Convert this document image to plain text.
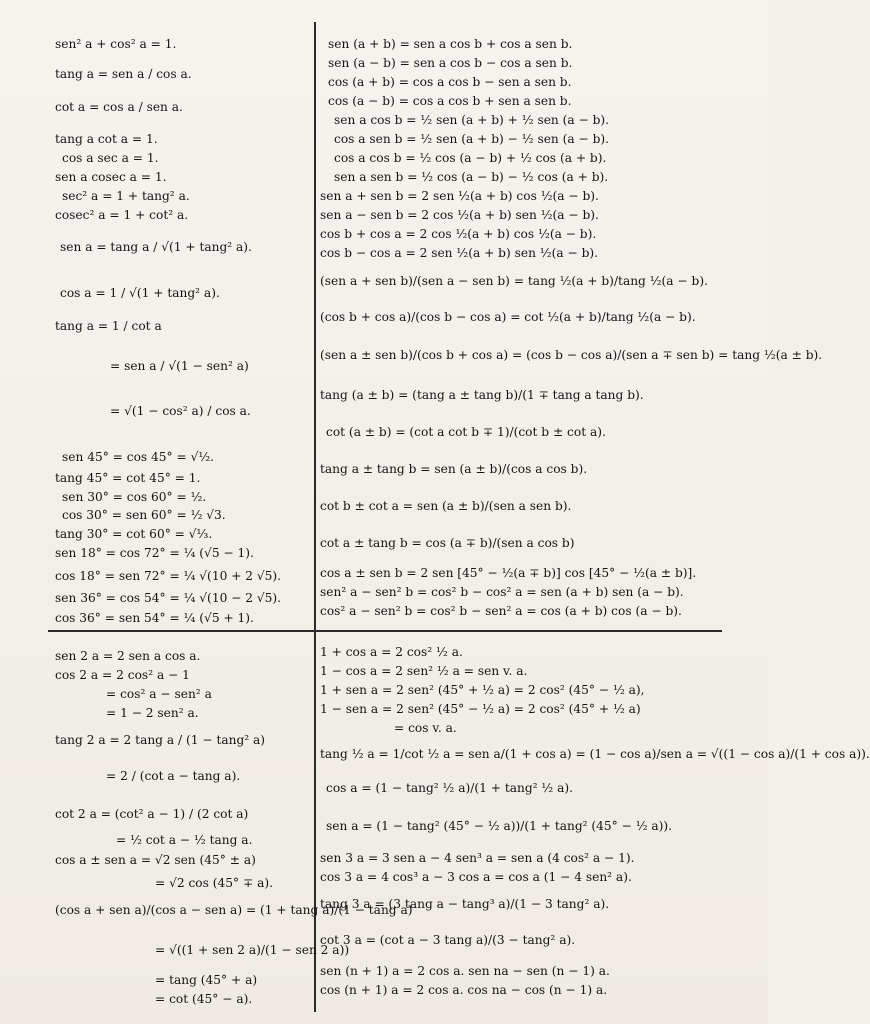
sen² a + cos² a = 1.
tang a = sen a / cos a.
cot a = cos a / sen a.
tang a cot a = 1.
cos a sec a = 1.
sen a cosec a = 1.
sec² a = 1 + tang² a.
cosec² a = 1 + cot² a.
sen a = tang a / √(1 + tang² a).
cos a = 1 / √(1 + tang² a).
tang a = 1 / cot a
= sen a / √(1 − sen² a)
= √(1 − cos² a) / cos a.
sen 45° = cos 45° = √½.
tang 45° = cot 45° = 1.
sen 30° = cos 60° = ½.
cos 30° = sen 60° = ½ √3.
tang 30° = cot 60° = √⅓.
sen 18° = cos 72° = ¼ (√5 − 1).
cos 18° = sen 72° = ¼ √(10 + 2 √5).
sen 36° = cos 54° = ¼ √(10 − 2 √5).
cos 36° = sen 54° = ¼ (√5 + 1).
sen (a + b) = sen a cos b + cos a sen b.
sen (a − b) = sen a cos b − cos a sen b.
cos (a + b) = cos a cos b − sen a sen b.
cos (a − b) = cos a cos b + sen a sen b.
sen a cos b = ½ sen (a + b) + ½ sen (a − b).
cos a sen b = ½ sen (a + b) − ½ sen (a − b).
cos a cos b = ½ cos (a − b) + ½ cos (a + b).
sen a sen b = ½ cos (a − b) − ½ cos (a + b).
sen a + sen b = 2 sen ½(a + b) cos ½(a − b).
sen a − sen b = 2 cos ½(a + b) sen ½(a − b).
cos b + cos a = 2 cos ½(a + b) cos ½(a − b).
cos b − cos a = 2 sen ½(a + b) sen ½(a − b).
(sen a + sen b)/(sen a − sen b) = tang ½(a + b)/tang ½(a − b).
(cos b + cos a)/(cos b − cos a) = cot ½(a + b)/tang ½(a − b).
(sen a ± sen b)/(cos b + cos a) = (cos b − cos a)/(sen a ∓ sen b) = tang ½(a ± b).
tang (a ± b) = (tang a ± tang b)/(1 ∓ tang a tang b).
cot (a ± b) = (cot a cot b ∓ 1)/(cot b ± cot a).
tang a ± tang b = sen (a ± b)/(cos a cos b).
cot b ± cot a = sen (a ± b)/(sen a sen b).
cot a ± tang b = cos (a ∓ b)/(sen a cos b)
cos a ± sen b = 2 sen [45° − ½(a ∓ b)] cos [45° − ½(a ± b)].
sen² a − sen² b = cos² b − cos² a = sen (a + b) sen (a − b).
cos² a − sen² b = cos² b − sen² a = cos (a + b) cos (a − b).
sen 2 a = 2 sen a cos a.
cos 2 a = 2 cos² a − 1
= cos² a − sen² a
= 1 − 2 sen² a.
tang 2 a = 2 tang a / (1 − tang² a)
= 2 / (cot a − tang a).
cot 2 a = (cot² a − 1) / (2 cot a)
= ½ cot a − ½ tang a.
cos a ± sen a = √2 sen (45° ± a)
= √2 cos (45° ∓ a).
(cos a + sen a)/(cos a − sen a) = (1 + tang a)/(1 − tang a)
= √((1 + sen 2 a)/(1 − sen 2 a))
= tang (45° + a)
= cot (45° − a).
1 + cos a = 2 cos² ½ a.
1 − cos a = 2 sen² ½ a = sen v. a.
1 + sen a = 2 sen² (45° + ½ a) = 2 cos² (45° − ½ a),
1 − sen a = 2 sen² (45° − ½ a) = 2 cos² (45° + ½ a)
= cos v. a.
tang ½ a = 1/cot ½ a = sen a/(1 + cos a) = (1 − cos a)/sen a = √((1 − cos a)/(1 + cos a)).
cos a = (1 − tang² ½ a)/(1 + tang² ½ a).
sen a = (1 − tang² (45° − ½ a))/(1 + tang² (45° − ½ a)).
sen 3 a = 3 sen a − 4 sen³ a = sen a (4 cos² a − 1).
cos 3 a = 4 cos³ a − 3 cos a = cos a (1 − 4 sen² a).
tang 3 a = (3 tang a − tang³ a)/(1 − 3 tang² a).
cot 3 a = (cot a − 3 tang a)/(3 − tang² a).
sen (n + 1) a = 2 cos a. sen na − sen (n − 1) a.
cos (n + 1) a = 2 cos a. cos na − cos (n − 1) a.
